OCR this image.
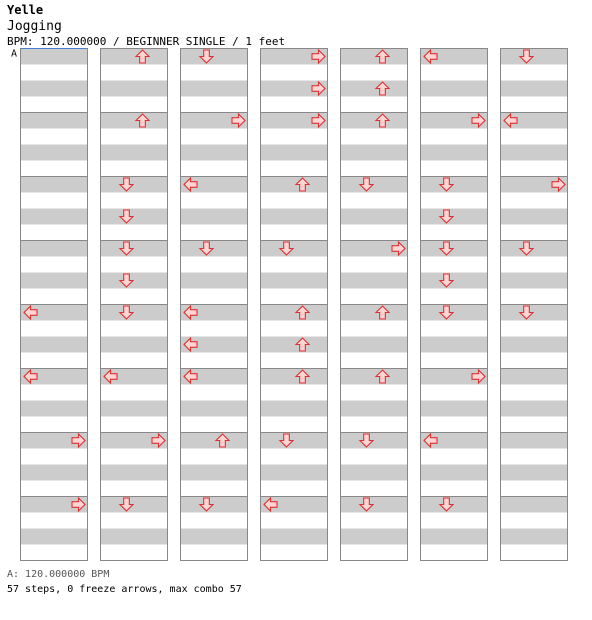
Yelle
Jogging
BPM: 120.000000 / BEGINNER SINGLE / 1 feet
A
A: 120.000000 BPM
57 steps, 0 freeze arrows, max combo 57
